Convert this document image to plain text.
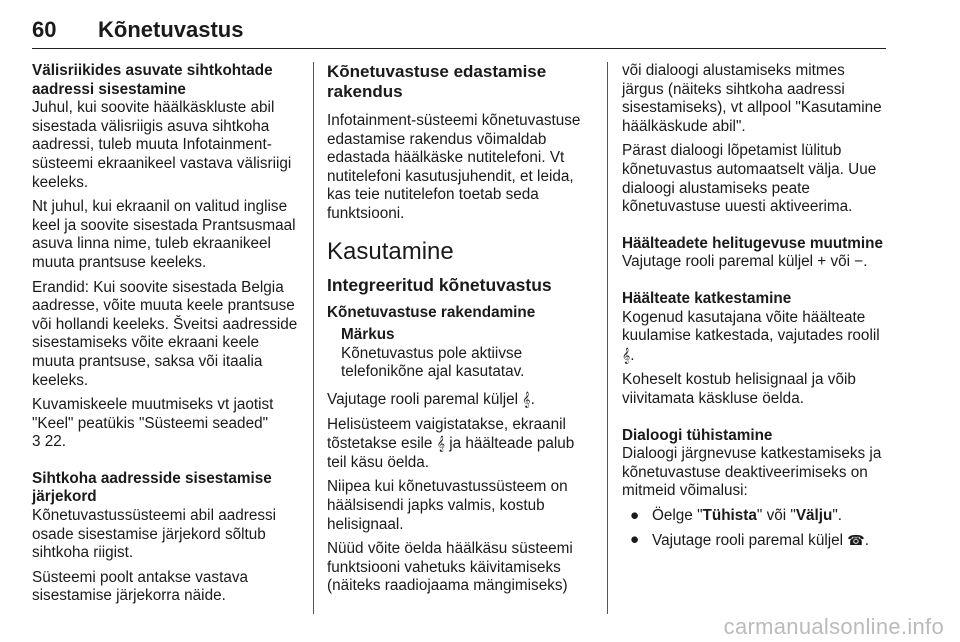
60 Kõnetuvastus

Välisriikides asuvate sihtkohtade aadressi sisestamine

Juhul, kui soovite häälkäskluste abil sisestada välisriigis asuva sihtkoha aadressi, tuleb muuta Infotainment-süsteemi ekraanikeel vastava välisriigi keeleks.

Nt juhul, kui ekraanil on valitud inglise keel ja soovite sisestada Prantsusmaal asuva linna nime, tuleb ekraanikeel muuta prantsuse keeleks.

Erandid: Kui soovite sisestada Belgia aadresse, võite muuta keele prantsuse või hollandi keeleks. Šveitsi aadresside sisestamiseks võite ekraani keele muuta prantsuse, saksa või itaalia keeleks.

Kuvamiskeele muutmiseks vt jaotist "Keel" peatükis "Süsteemi seaded"
3 22.

Sihtkoha aadresside sisestamise järjekord

Kõnetuvastussüsteemi abil aadressi osade sisestamise järjekord sõltub sihtkoha riigist.

Süsteemi poolt antakse vastava sisestamise järjekorra näide.

Kõnetuvastuse edastamise rakendus

Infotainment-süsteemi kõnetuvastuse edastamise rakendus võimaldab edastada häälkäske nutitelefoni. Vt nutitelefoni kasutusjuhendit, et leida, kas teie nutitelefon toetab seda funktsiooni.

Kasutamine
Integreeritud kõnetuvastus

Kõnetuvastuse rakendamine

Märkus
Kõnetuvastus pole aktiivse telefonikõne ajal kasutatav.

Vajutage rooli paremal küljel 𝄞.

Helisüsteem vaigistatakse, ekraanil tõstetakse esile 𝄞 ja häälteade palub teil käsu öelda.

Niipea kui kõnetuvastussüsteem on häälsisendi japks valmis, kostub helisignaal.

Nüüd võite öelda häälkäsu süsteemi funktsiooni vahetuks käivitamiseks (näiteks raadiojaama mängimiseks)

või dialoogi alustamiseks mitmes järgus (näiteks sihtkoha aadressi sisestamiseks), vt allpool "Kasutamine häälkäskude abil".

Pärast dialoogi lõpetamist lülitub kõnetuvastus automaatselt välja. Uue dialoogi alustamiseks peate kõnetuvastuse uuesti aktiveerima.

Häälteadete helitugevuse muutmine

Vajutage rooli paremal küljel + või −.

Häälteate katkestamine

Kogenud kasutajana võite häälteate kuulamise katkestada, vajutades roolil 𝄞.

Koheselt kostub helisignaal ja võib viivitamata käskluse öelda.

Dialoogi tühistamine

Dialoogi järgnevuse katkestamiseks ja kõnetuvastuse deaktiveerimiseks on mitmeid võimalusi:

● Öelge "Tühista" või "Välju".
● Vajutage rooli paremal küljel ☎.
carmanualsonline.info
